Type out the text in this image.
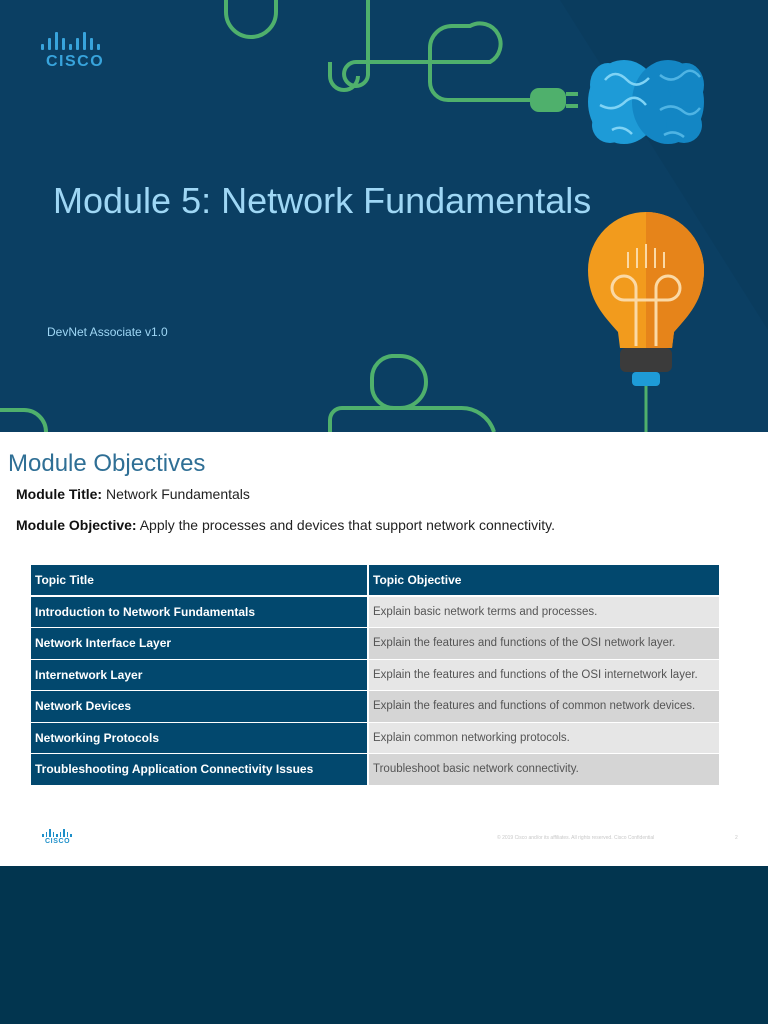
CISCO
Module 5: Network Fundamentals
DevNet Associate v1.0
Module Objectives
Module Title: Network Fundamentals
Module Objective: Apply the processes and devices that support network connectivity.
Topic Title	Topic Objective
Introduction to Network Fundamentals	Explain basic network terms and processes.
Network Interface Layer	Explain the features and functions of the OSI network layer.
Internetwork Layer	Explain the features and functions of the OSI internetwork layer.
Network Devices	Explain the features and functions of common network devices.
Networking Protocols	Explain common networking protocols.
Troubleshooting Application Connectivity Issues	Troubleshoot basic network connectivity.
CISCO	© 2019 Cisco and/or its affiliates. All rights reserved. Cisco Confidential	2
